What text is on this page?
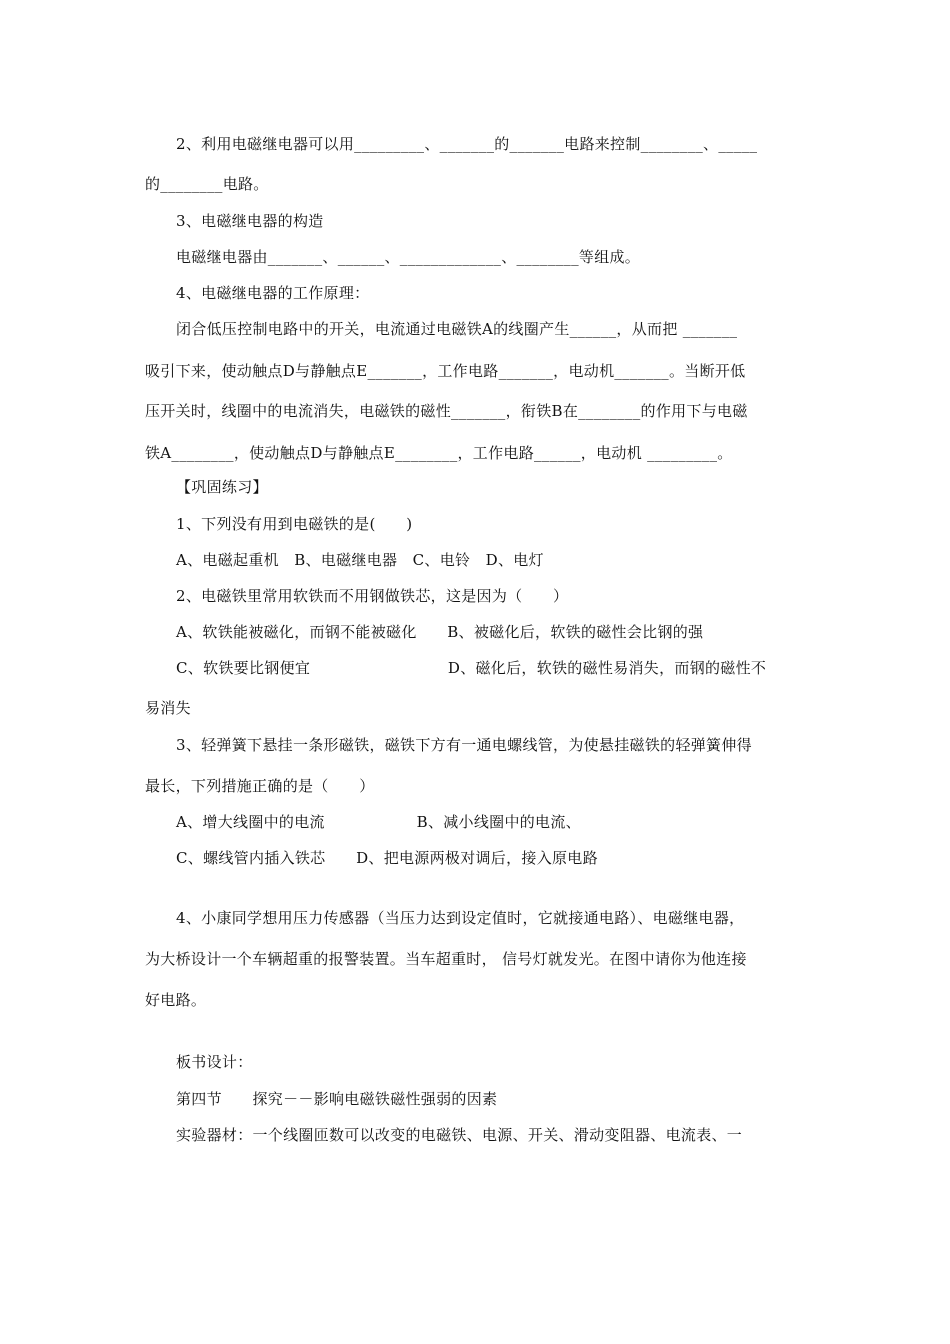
2、利用电磁继电器可以用_________、_______的_______电路来控制________、_____

的________电路。

3、电磁继电器的构造

电磁继电器由_______、______、_____________、________等组成。

4、电磁继电器的工作原理：

闭合低压控制电路中的开关，电流通过电磁铁A的线圈产生______，从而把 _______

吸引下来，使动触点D与静触点E_______，工作电路_______，电动机_______。当断开低

压开关时，线圈中的电流消失，电磁铁的磁性_______，衔铁B在________的作用下与电磁

铁A________，使动触点D与静触点E________，工作电路______，电动机 _________。

【巩固练习】

1、下列没有用到电磁铁的是(　　)

A、电磁起重机　B、电磁继电器　C、电铃　D、电灯

2、电磁铁里常用软铁而不用钢做铁芯，这是因为（　　）

A、软铁能被磁化，而钢不能被磁化　　B、被磁化后，软铁的磁性会比钢的强

C、软铁要比钢便宜　　　　　　　　　D、磁化后，软铁的磁性易消失，而钢的磁性不

易消失

3、轻弹簧下悬挂一条形磁铁，磁铁下方有一通电螺线管，为使悬挂磁铁的轻弹簧伸得

最长，下列措施正确的是（　　）

A、增大线圈中的电流　　　　　　B、减小线圈中的电流、

C、螺线管内插入铁芯　　D、把电源两极对调后，接入原电路

4、小康同学想用压力传感器（当压力达到设定值时，它就接通电路）、电磁继电器，

为大桥设计一个车辆超重的报警装置。当车超重时， 信号灯就发光。在图中请你为他连接

好电路。

板书设计：

第四节　　探究－－影响电磁铁磁性强弱的因素

实验器材：一个线圈匝数可以改变的电磁铁、电源、开关、滑动变阻器、电流表、一
